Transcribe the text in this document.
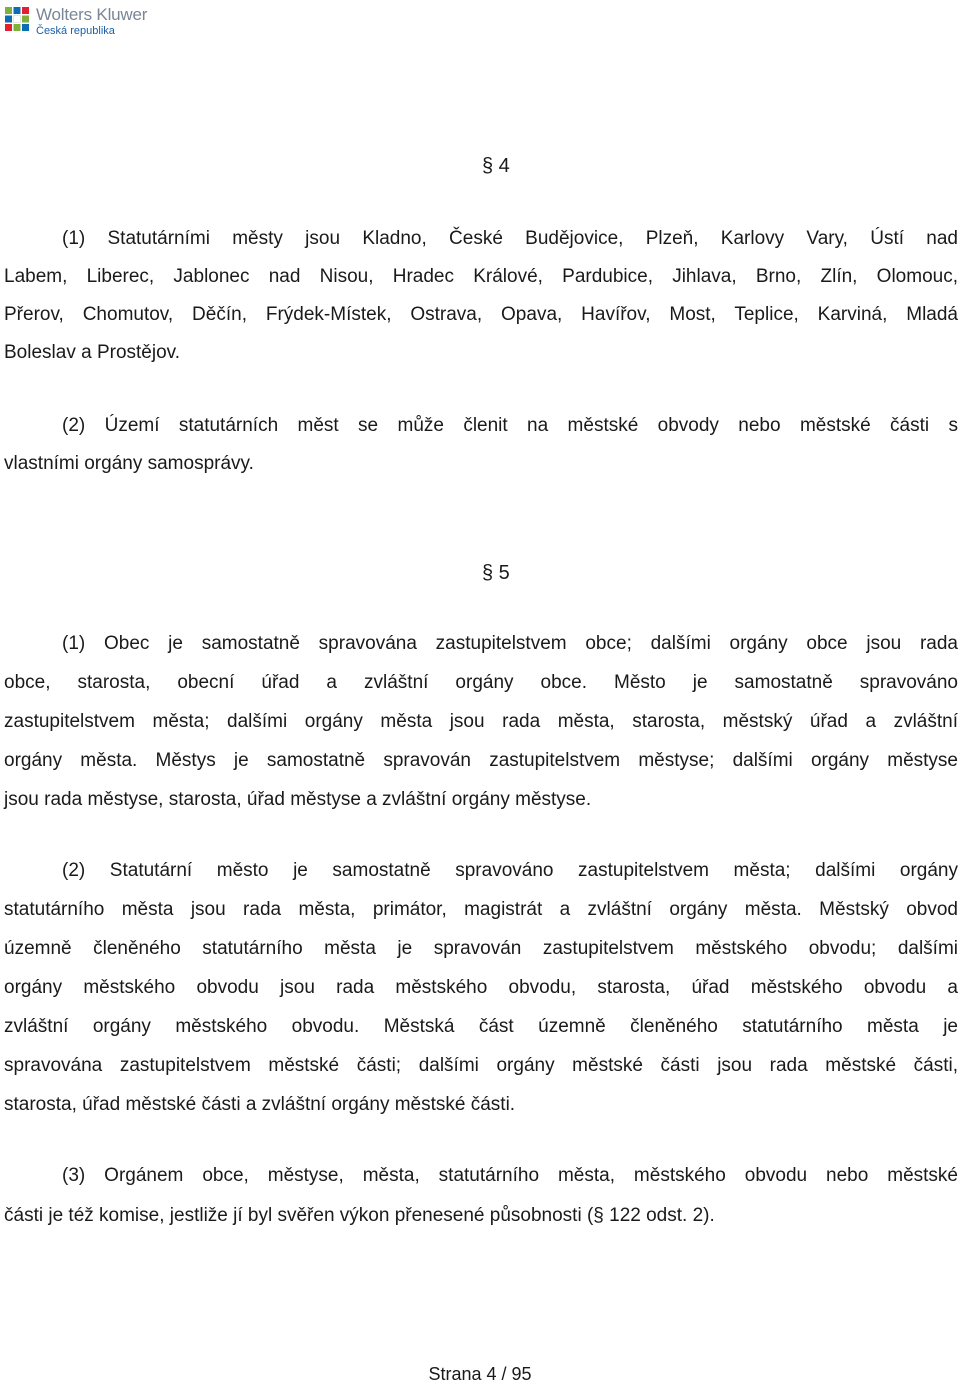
Wolters Kluwer
Česká republika
§ 4
(1) Statutárními městy jsou Kladno, České Budějovice, Plzeň, Karlovy Vary, Ústí nad
Labem, Liberec, Jablonec nad Nisou, Hradec Králové, Pardubice, Jihlava, Brno, Zlín, Olomouc,
Přerov, Chomutov, Děčín, Frýdek-Místek, Ostrava, Opava, Havířov, Most, Teplice, Karviná, Mladá
Boleslav a Prostějov.
(2) Území statutárních měst se může členit na městské obvody nebo městské části s
vlastními orgány samosprávy.
§ 5
(1) Obec je samostatně spravována zastupitelstvem obce; dalšími orgány obce jsou rada
obce, starosta, obecní úřad a zvláštní orgány obce. Město je samostatně spravováno
zastupitelstvem města; dalšími orgány města jsou rada města, starosta, městský úřad a zvláštní
orgány města. Městys je samostatně spravován zastupitelstvem městyse; dalšími orgány městyse
jsou rada městyse, starosta, úřad městyse a zvláštní orgány městyse.
(2) Statutární město je samostatně spravováno zastupitelstvem města; dalšími orgány
statutárního města jsou rada města, primátor, magistrát a zvláštní orgány města. Městský obvod
územně členěného statutárního města je spravován zastupitelstvem městského obvodu; dalšími
orgány městského obvodu jsou rada městského obvodu, starosta, úřad městského obvodu a
zvláštní orgány městského obvodu. Městská část územně členěného statutárního města je
spravována zastupitelstvem městské části; dalšími orgány městské části jsou rada městské části,
starosta, úřad městské části a zvláštní orgány městské části.
(3) Orgánem obce, městyse, města, statutárního města, městského obvodu nebo městské
části je též komise, jestliže jí byl svěřen výkon přenesené působnosti (§ 122 odst. 2).
Strana 4 / 95
